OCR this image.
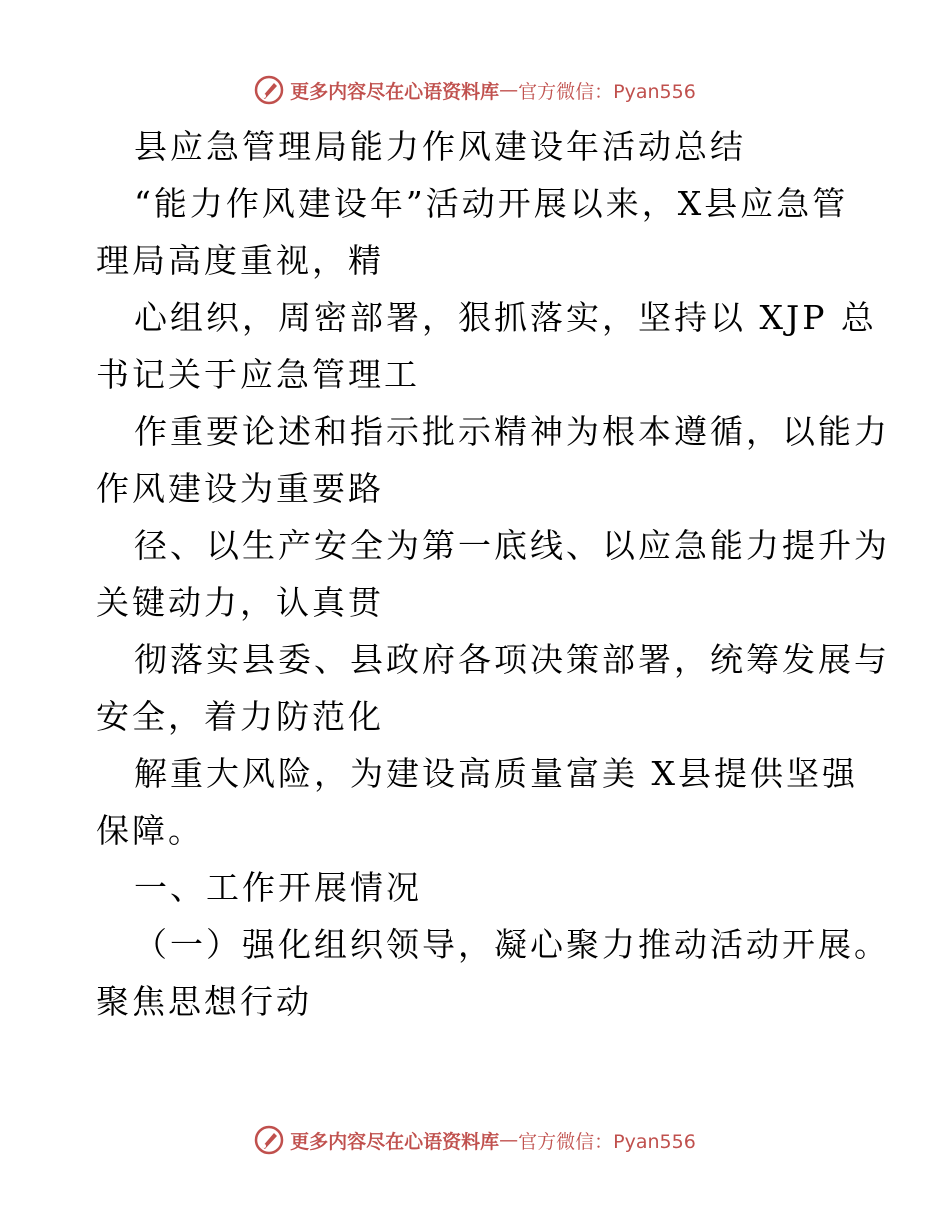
更多内容尽在心语资料库 — 官方微信：Pyan556
县应急管理局能力作风建设年活动总结
“能力作风建设年”活动开展以来，X县应急管
理局高度重视，精
心组织，周密部署，狠抓落实，坚持以 XJP 总
书记关于应急管理工
作重要论述和指示批示精神为根本遵循，以能力
作风建设为重要路
径、以生产安全为第一底线、以应急能力提升为
关键动力，认真贯
彻落实县委、县政府各项决策部署，统筹发展与
安全，着力防范化
解重大风险，为建设高质量富美 X县提供坚强
保障。
一、工作开展情况
（一）强化组织领导，凝心聚力推动活动开展。
聚焦思想行动
更多内容尽在心语资料库 — 官方微信：Pyan556
